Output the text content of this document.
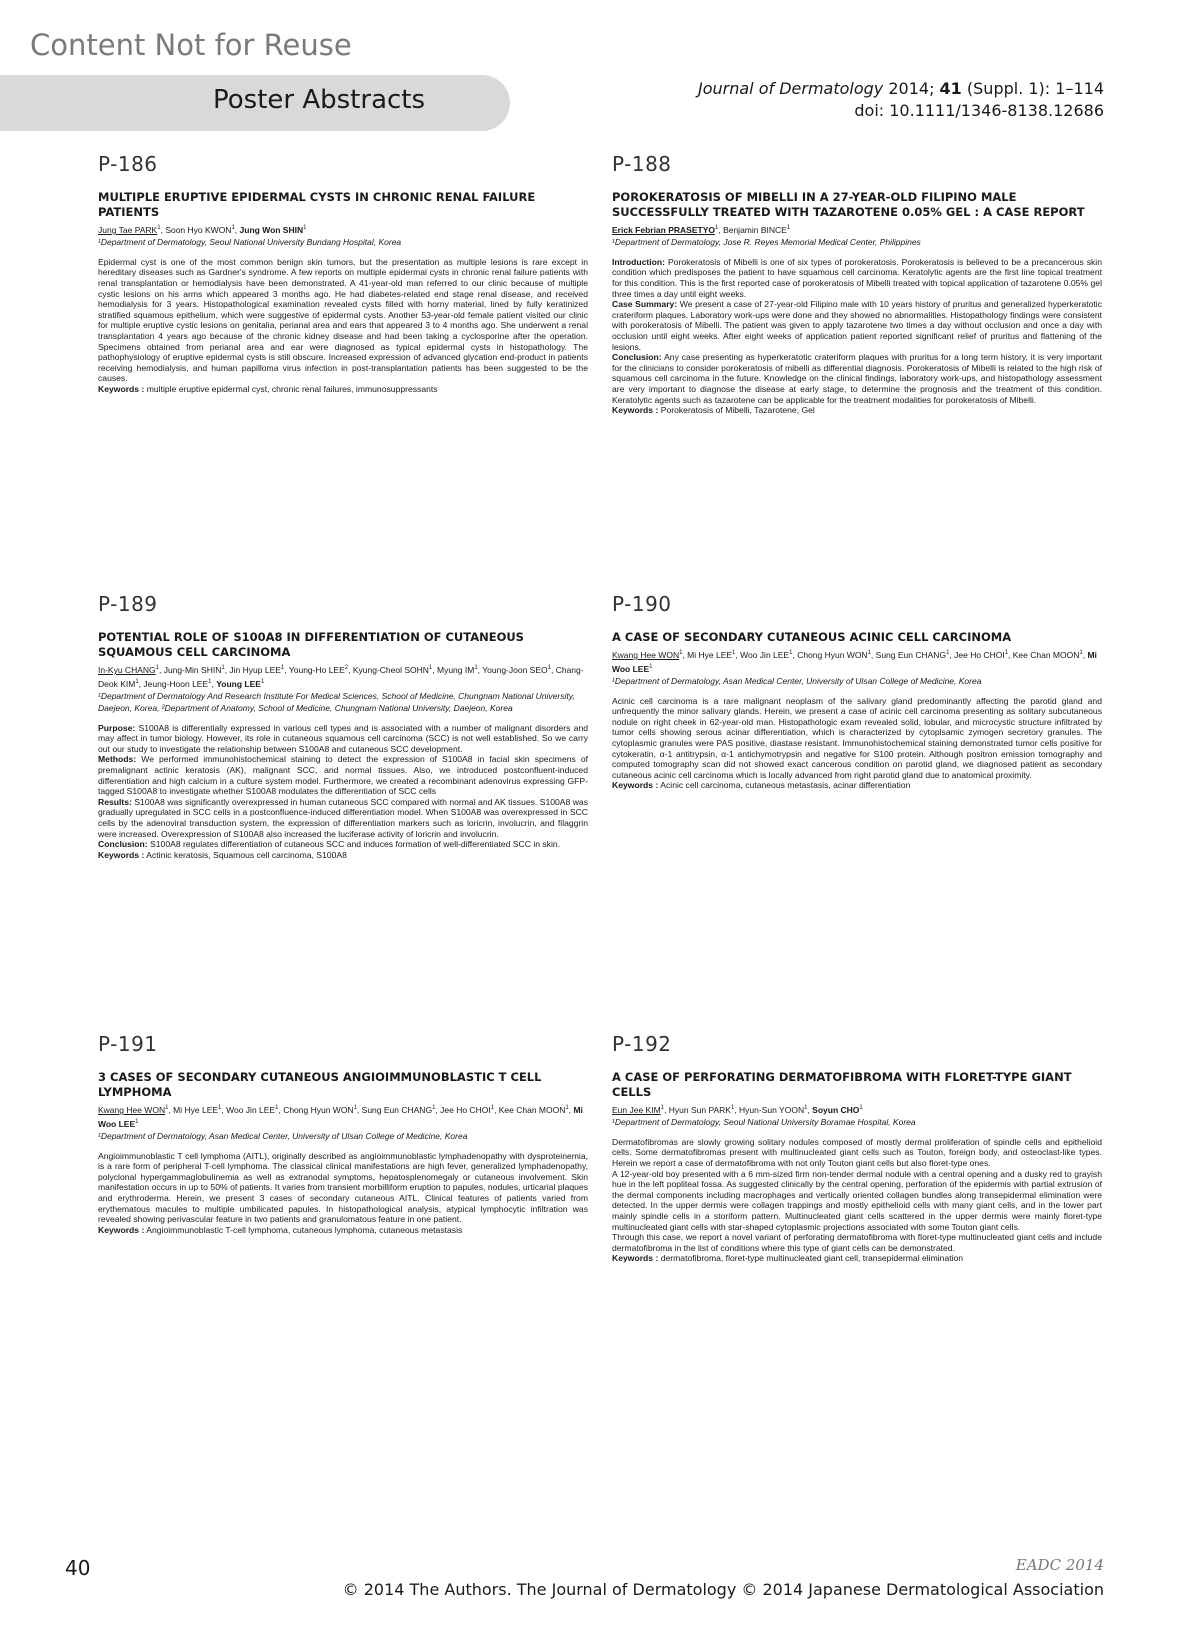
Content Not for Reuse
Poster Abstracts	Journal of Dermatology 2014; 41 (Suppl. 1): 1–114
doi: 10.1111/1346-8138.12686
P-186
MULTIPLE ERUPTIVE EPIDERMAL CYSTS IN CHRONIC RENAL FAILURE PATIENTS
Jung Tae PARK$^1$, Soon Hyo KWON$^1$, Jung Won SHIN$^1$
¹Department of Dermatology, Seoul National University Bundang Hospital, Korea

Epidermal cyst is one of the most common benign skin tumors, but the presentation as multiple lesions is rare except in hereditary diseases such as Gardner's syndrome. A few reports on multiple epidermal cysts in chronic renal failure patients with renal transplantation or hemodialysis have been demonstrated. A 41-year-old man referred to our clinic because of multiple cystic lesions on his arms which appeared 3 months ago. He had diabetes-related end stage renal disease, and received hemodialysis for 3 years. Histopathological examination revealed cysts filled with horny material, lined by fully keratinized stratified squamous epithelium, which were suggestive of epidermal cysts. Another 53-year-old female patient visited our clinic for multiple eruptive cystic lesions on genitalia, perianal area and ears that appeared 3 to 4 months ago. She underwent a renal transplantation 4 years ago because of the chronic kidney disease and had been taking a cyclosporine after the operation. Specimens obtained from perianal area and ear were diagnosed as typical epidermal cysts in histopathology. The pathophysiology of eruptive epidermal cysts is still obscure. Increased expression of advanced glycation end-product in patients receiving hemodialysis, and human papilloma virus infection in post-transplantation patients has been suggested to be the causes.

Keywords : multiple eruptive epidermal cyst, chronic renal failures, immunosuppressants
P-188
POROKERATOSIS OF MIBELLI IN A 27-YEAR-OLD FILIPINO MALE SUCCESSFULLY TREATED WITH TAZAROTENE 0.05% GEL : A CASE REPORT
Erick Febrian PRASETYO$^1$, Benjamin BINCE$^1$
¹Department of Dermatology, Jose R. Reyes Memorial Medical Center, Philippines

Introduction: Porokeratosis of Mibelli is one of six types of porokeratosis. Porokeratosis is believed to be a precancerous skin condition which predisposes the patient to have squamous cell carcinoma. Keratolytic agents are the first line topical treatment for this condition. This is the first reported case of porokeratosis of Mibelli treated with topical application of tazarotene 0.05% gel three times a day until eight weeks.

Case Summary: We present a case of 27-year-old Filipino male with 10 years history of pruritus and generalized hyperkeratotic crateriform plaques. Laboratory work-ups were done and they showed no abnormalities. Histopathology findings were consistent with porokeratosis of Mibelli. The patient was given to apply tazarotene two times a day without occlusion and once a day with occlusion until eight weeks. After eight weeks of application patient reported significant relief of pruritus and flattening of the lesions.

Conclusion: Any case presenting as hyperkeratotic crateriform plaques with pruritus for a long term history, it is very important for the clinicians to consider porokeratosis of mibelli as differential diagnosis. Porokeratosis of Mibelli is related to the high risk of squamous cell carcinoma in the future. Knowledge on the clinical findings, laboratory work-ups, and histopathology assessment are very important to diagnose the disease at early stage, to determine the prognosis and the treatment of this condition. Keratolytic agents such as tazarotene can be applicable for the treatment modalities for porokeratosis of Mibelli.

Keywords : Porokeratosis of Mibelli, Tazarotene, Gel
P-189
POTENTIAL ROLE OF S100A8 IN DIFFERENTIATION OF CUTANEOUS SQUAMOUS CELL CARCINOMA
In-Kyu CHANG$^1$, Jung-Min SHIN$^1$, Jin Hyup LEE$^1$, Young-Ho LEE$^2$, Kyung-Cheol SOHN$^1$, Myung $IM^1$, Young-Joon SEO$^1$, Chang-Deok KIM$^1$, Jeung-Hoon LEE$^1$, Young LEE$^1$
¹Department of Dermatology And Research Institute For Medical Sciences, School of Medicine, Chungnam National University, Daejeon, Korea, ²Department of Anatomy, School of Medicine, Chungnam National University, Daejeon, Korea

Purpose: S100A8 is differentially expressed in various cell types and is associated with a number of malignant disorders and may affect in tumor biology. However, its role in cutaneous squamous cell carcinoma (SCC) is not well established. So we carry out our study to investigate the relationship between S100A8 and cutaneous SCC development.

Methods: We performed immunohistochemical staining to detect the expression of S100A8 in facial skin specimens of premalignant actinic keratosis (AK), malignant SCC, and normal tissues. Also, we introduced postconfluent-induced differentiation and high calcium in a culture system model. Furthermore, we created a recombinant adenovirus expressing GFP-tagged S100A8 to investigate whether S100A8 modulates the differentiation of SCC cells

Results: S100A8 was significantly overexpressed in human cutaneous SCC compared with normal and AK tissues. S100A8 was gradually upregulated in SCC cells in a postconfluence-induced differentiation model. When S100A8 was overexpressed in SCC cells by the adenoviral transduction system, the expression of differentiation markers such as loricrin, involucrin, and filaggrin were increased. Overexpression of S100A8 also increased the luciferase activity of loricrin and involucrin.

Conclusion: S100A8 regulates differentiation of cutaneous SCC and induces formation of well-differentiated SCC in skin.

Keywords : Actinic keratosis, Squamous cell carcinoma, S100A8
P-190
A CASE OF SECONDARY CUTANEOUS ACINIC CELL CARCINOMA
Kwang Hee WON$^1$, Mi Hye LEE$^1$, Woo Jin LEE$^1$, Chong Hyun WON$^1$, Sung Eun CHANG$^1$, Jee Ho CHOI$^1$, Kee Chan MOON$^1$, Mi Woo LEE$^1$
¹Department of Dermatology, Asan Medical Center, University of Ulsan College of Medicine, Korea

Acinic cell carcinoma is a rare malignant neoplasm of the salivary gland predominantly affecting the parotid gland and unfrequently the minor salivary glands. Herein, we present a case of acinic cell carcinoma presenting as solitary subcutaneous nodule on right cheek in 62-year-old man. Histopathologic exam revealed solid, lobular, and microcystic structure infiltrated by tumor cells showing serous acinar differentiation, which is characterized by cytoplsamic zymogen secretory granules. The cytoplasmic granules were PAS positive, diastase resistant. Immunohistochemical staining demonstrated tumor cells positive for cytokeratin, α-1 antitrypsin, α-1 antichymotrypsin and negative for S100 protein. Although positron emission tomography and computed tomography scan did not showed exact cancerous condition on parotid gland, we diagnosed patient as secondary cutaneous acinic cell carcinoma which is locally advanced from right parotid gland due to anatomical proximity.

Keywords : Acinic cell carcinoma, cutaneous metastasis, acinar differentiation
P-191
3 CASES OF SECONDARY CUTANEOUS ANGIOIMMUNOBLASTIC T CELL LYMPHOMA
Kwang Hee WON$^1$, Mi Hye LEE$^1$, Woo Jin LEE$^1$, Chong Hyun WON$^1$, Sung Eun CHANG$^1$, Jee Ho CHOI$^1$, Kee Chan MOON$^1$, Mi Woo LEE$^1$
¹Department of Dermatology, Asan Medical Center, University of Ulsan College of Medicine, Korea

Angioimmunoblastic T cell lymphoma (AITL), originally described as angioimmunoblastic lymphadenopathy with dysproteinemia, is a rare form of peripheral T-cell lymphoma. The classical clinical manifestations are high fever, generalized lymphadenopathy, polyclonal hypergammaglobulinemia as well as extranodal symptoms, hepatosplenomegaly or cutaneous involvement. Skin manifestation occurs in up to 50% of patients. It varies from transient morbilliform eruption to papules, nodules, urticarial plaques and erythroderma. Herein, we present 3 cases of secondary cutaneous AITL. Clinical features of patients varied from erythematous macules to multiple umbilicated papules. In histopathological analysis, atypical lymphocytic infiltration was revealed showing perivascular feature in two patients and granulomatous feature in one patient.

Keywords : Angioimmunoblastic T-cell lymphoma, cutaneous lymphoma, cutaneous metastasis
P-192
A CASE OF PERFORATING DERMATOFIBROMA WITH FLORET-TYPE GIANT CELLS
Eun Jee KIM$^1$, Hyun Sun PARK$^1$, Hyun-Sun YOON$^1$, Soyun CHO$^1$
¹Department of Dermatology, Seoul National University Boramae Hospital, Korea

Dermatofibromas are slowly growing solitary nodules composed of mostly dermal proliferation of spindle cells and epithelioid cells. Some dermatofibromas present with multinucleated giant cells such as Touton, foreign body, and osteoclast-like types. Herein we report a case of dermatofibroma with not only Touton giant cells but also floret-type ones.

A 12-year-old boy presented with a 6 mm-sized firm non-tender dermal nodule with a central opening and a dusky red to grayish hue in the left popliteal fossa. As suggested clinically by the central opening, perforation of the epidermis with partial extrusion of the dermal components including macrophages and vertically oriented collagen bundles along transepidermal elimination were detected. In the upper dermis were collagen trappings and mostly epithelioid cells with many giant cells, and in the lower part mainly spindle cells in a storiform pattern. Multinucleated giant cells scattered in the upper dermis were mainly floret-type multinucleated giant cells with star-shaped cytoplasmic projections associated with some Touton giant cells.

Through this case, we report a novel variant of perforating dermatofibroma with floret-type multinucleated giant cells and include dermatofibroma in the list of conditions where this type of giant cells can be demonstrated.

Keywords : dermatofibroma, floret-type multinucleated giant cell, transepidermal elimination
40	EADC 2014
© 2014 The Authors. The Journal of Dermatology © 2014 Japanese Dermatological Association
